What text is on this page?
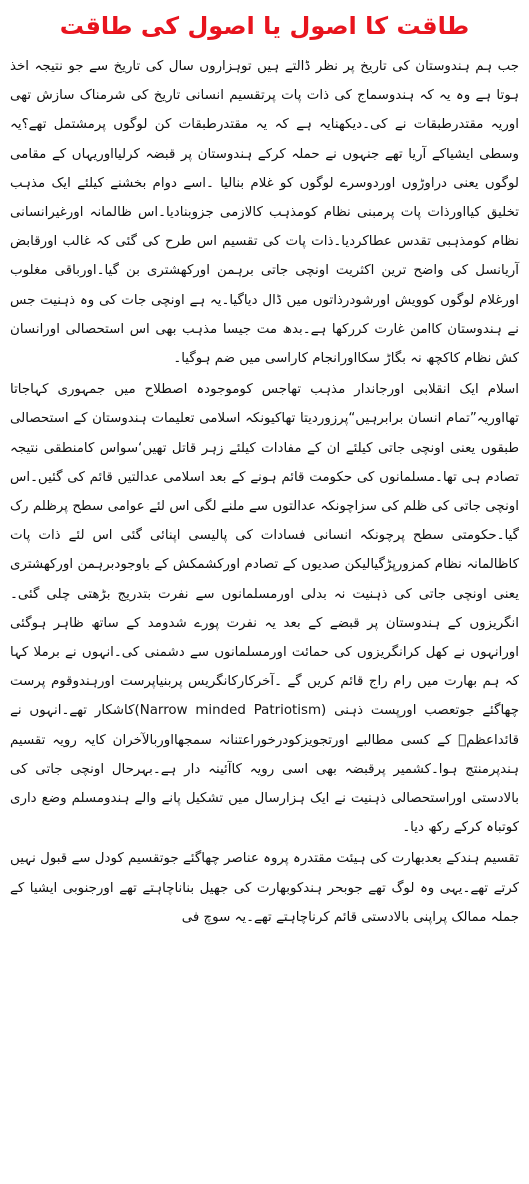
طاقت کا اصول یا اصول کی طاقت

جب ہم ہندوستان کی تاریخ پر نظر ڈالتے ہیں توہزاروں سال کی تاریخ سے جو نتیجہ اخذ ہوتا ہے وہ یہ کہ ہندوسماج کی ذات پات پرتقسیم انسانی تاریخ کی شرمناک سازش تھی اوریہ مقتدرطبقات نے کی۔دیکھنایہ ہے کہ یہ مقتدرطبقات کن لوگوں پرمشتمل تھے؟یہ وسطی ایشیاکے آریا تھے جنہوں نے حملہ کرکے ہندوستان پر قبضہ کرلیااوریہاں کے مقامی لوگوں یعنی دراوڑوں اوردوسرے لوگوں کو غلام بنالیا ۔اسے دوام بخشنے کیلئے ایک مذہب تخلیق کیااورذات پات پرمبنی نظام کومذہب کالازمی جزوبنادیا۔اس ظالمانہ اورغیرانسانی نظام کومذہبی تقدس عطاکردیا۔ذات پات کی تقسیم اس طرح کی گئی کہ غالب اورقابض آریانسل کی واضح ترین اکثریت اونچی جاتی برہمن اورکھشتری بن گیا۔اورباقی مغلوب اورغلام لوگوں کوویش اورشودرذاتوں میں ڈال دیاگیا۔یہ ہے اونچی جات کی وہ ذہنیت جس نے ہندوستان کاامن غارت کررکھا ہے۔بدھ مت جیسا مذہب بھی اس استحصالی اورانسان کش نظام کاکچھ نہ بگاڑ سکااورانجام کاراسی میں ضم ہوگیا۔

اسلام ایک انقلابی اورجاندار مذہب تھاجس کوموجودہ اصطلاح میں جمہوری کہاجاتا تھااوریہ”تمام انسان برابرہیں“پرزوردیتا تھاکیونکہ اسلامی تعلیمات ہندوستان کے استحصالی طبقوں یعنی اونچی جاتی کیلئے ان کے مفادات کیلئے زہر قاتل تھیں‘سواس کامنطقی نتیجہ تصادم ہی تھا۔مسلمانوں کی حکومت قائم ہونے کے بعد اسلامی عدالتیں قائم کی گئیں۔اس اونچی جاتی کی ظلم کی سزاچونکہ عدالتوں سے ملنے لگی اس لئے عوامی سطح پرظلم رک گیا۔حکومتی سطح پرچونکہ انسانی فسادات کی پالیسی اپنائی گئی اس لئے ذات پات کاظالمانہ نظام کمزورپڑگیالیکن صدیوں کے تصادم اورکشمکش کے باوجودبرہمن اورکھشتری یعنی اونچی جاتی کی ذہنیت نہ بدلی اورمسلمانوں سے نفرت بتدریج بڑھتی چلی گئی۔انگریزوں کے ہندوستان پر قبضے کے بعد یہ نفرت پورے شدومد کے ساتھ ظاہر ہوگئی اورانہوں نے کھل کرانگریزوں کی حمائت اورمسلمانوں سے دشمنی کی۔انہوں نے برملا کہا کہ ہم بھارت میں رام راج قائم کریں گے ۔آخرکارکانگریس پربنیاپرست اورہندوقوم پرست چھاگئے جوتعصب اورپست ذہنی (Narrow minded Patriotism)کاشکار تھے۔انہوں نے قائداعظمؒ کے کسی مطالبے اورتجویزکودرخوراعتنانہ سمجھااوربالآخران کایہ رویہ تقسیم ہندپرمنتج ہوا۔کشمیر پرقبضہ بھی اسی رویہ کاآئینہ دار ہے۔بہرحال اونچی جاتی کی بالادستی اوراستحصالی ذہنیت نے ایک ہزارسال میں تشکیل پانے والے ہندومسلم وضع داری کوتباہ کرکے رکھ دیا۔

تقسیم ہندکے بعدبھارت کی ہیئت مقتدرہ پروہ عناصر چھاگئے جوتقسیم کودل سے قبول نہیں کرتے تھے۔یہی وہ لوگ تھے جوبحر ہندکوبھارت کی جھیل بناناچاہتے تھے اورجنوبی ایشیا کے جملہ ممالک پراپنی بالادستی قائم کرناچاہتے تھے۔یہ سوچ فی
